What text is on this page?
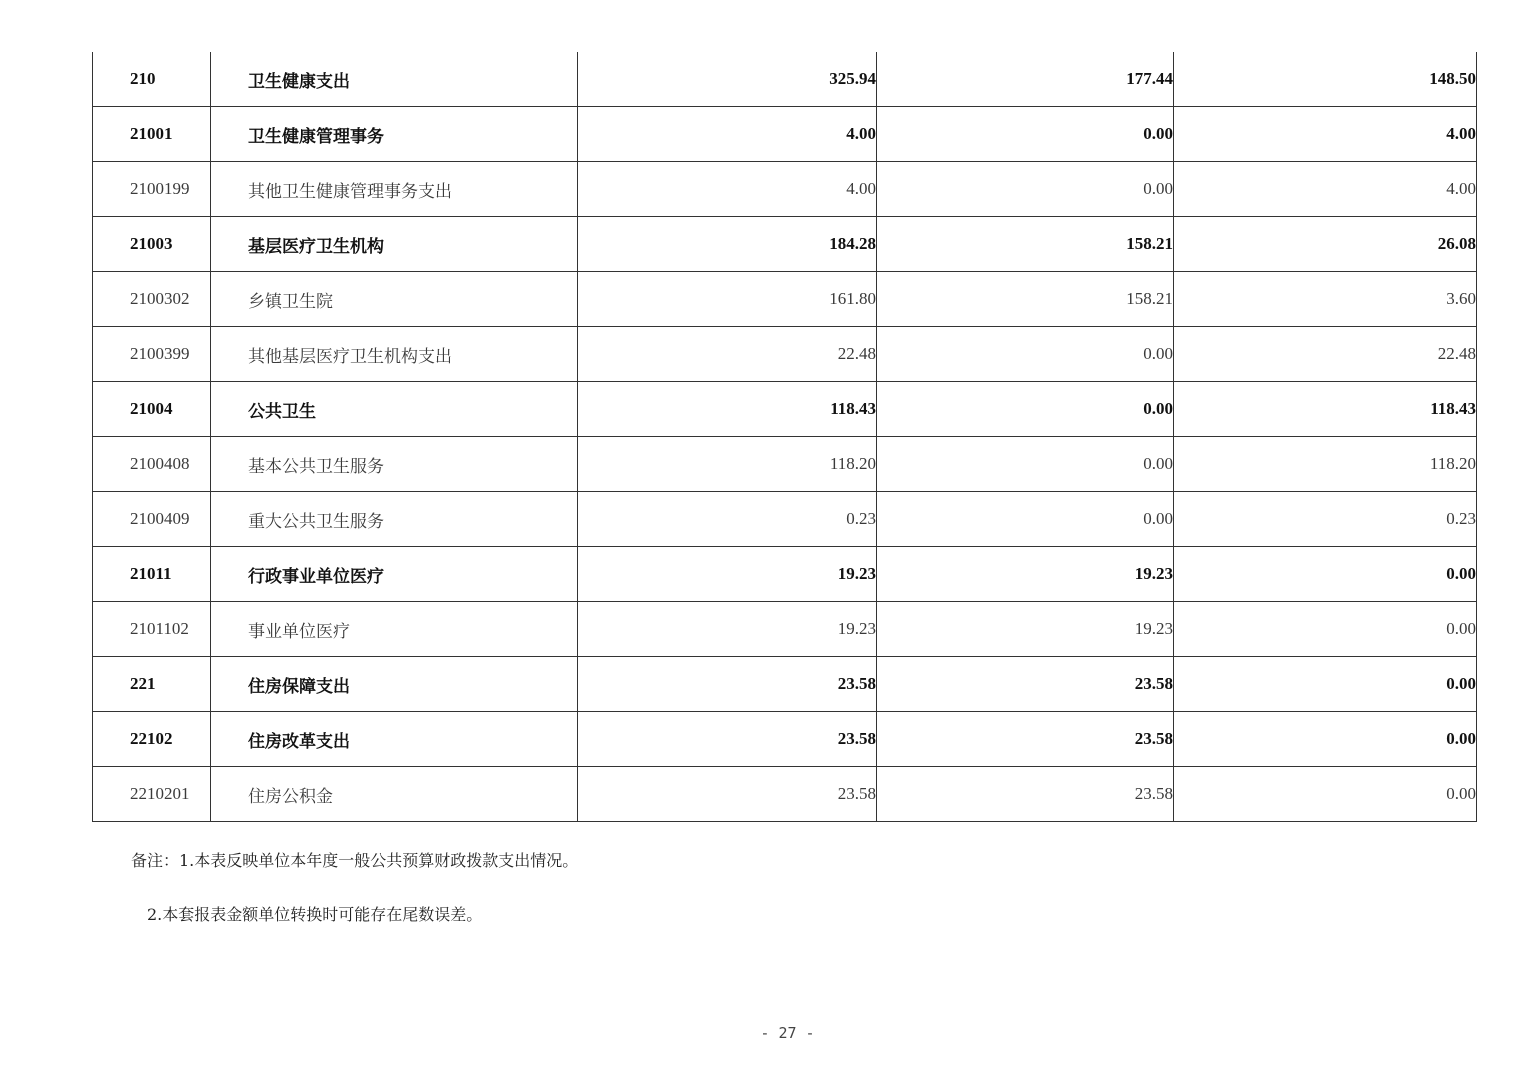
210	卫生健康支出	325.94	177.44	148.50
21001	卫生健康管理事务	4.00	0.00	4.00
2100199	其他卫生健康管理事务支出	4.00	0.00	4.00
21003	基层医疗卫生机构	184.28	158.21	26.08
2100302	乡镇卫生院	161.80	158.21	3.60
2100399	其他基层医疗卫生机构支出	22.48	0.00	22.48
21004	公共卫生	118.43	0.00	118.43
2100408	基本公共卫生服务	118.20	0.00	118.20
2100409	重大公共卫生服务	0.23	0.00	0.23
21011	行政事业单位医疗	19.23	19.23	0.00
2101102	事业单位医疗	19.23	19.23	0.00
221	住房保障支出	23.58	23.58	0.00
22102	住房改革支出	23.58	23.58	0.00
2210201	住房公积金	23.58	23.58	0.00
备注：1.本表反映单位本年度一般公共预算财政拨款支出情况。
2.本套报表金额单位转换时可能存在尾数误差。
- 27 -
